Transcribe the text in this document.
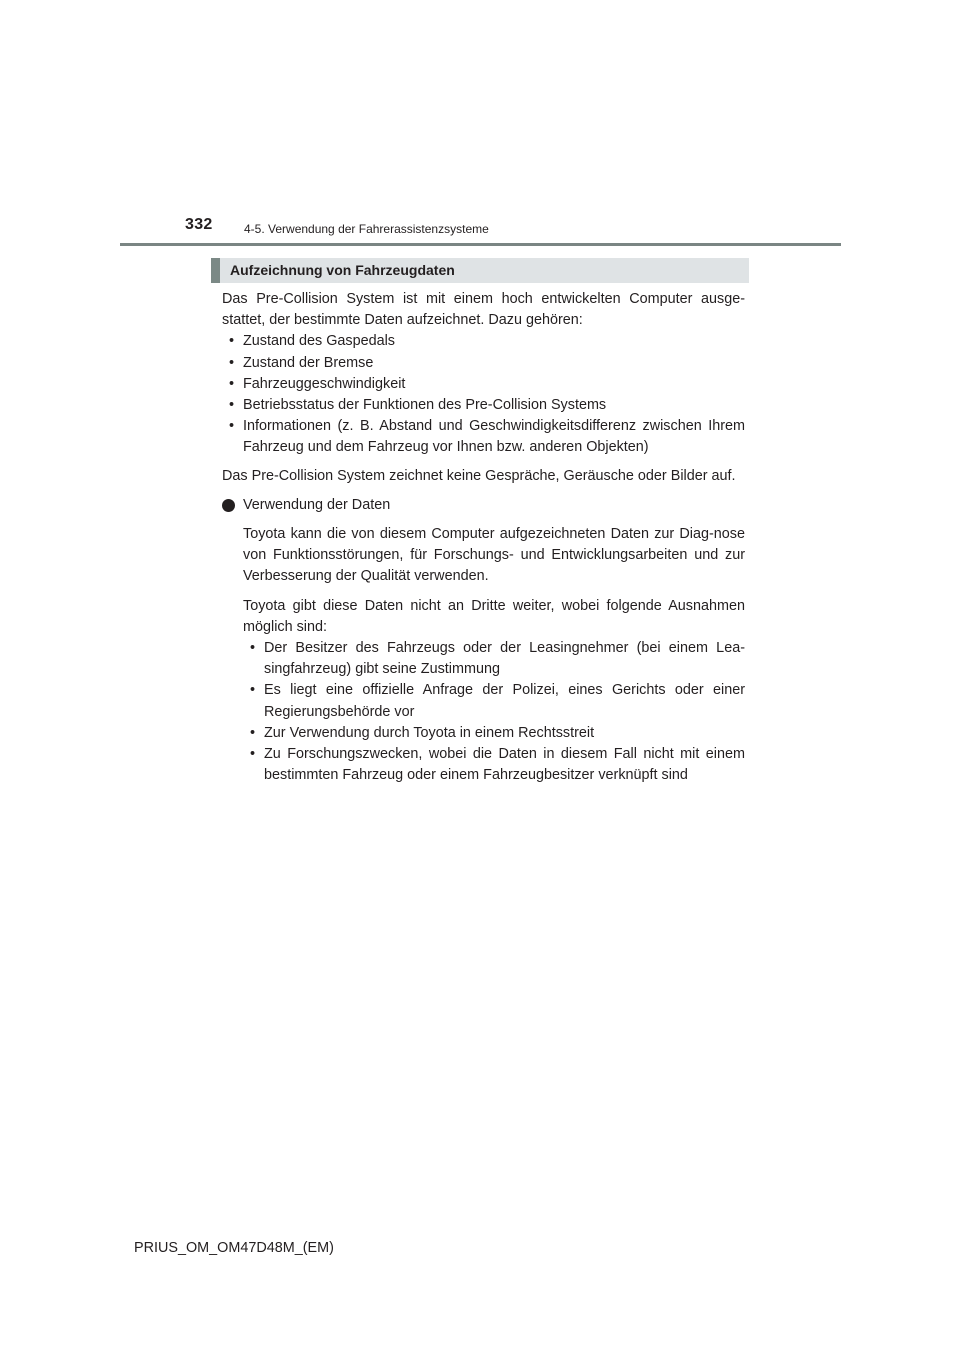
332	4-5. Verwendung der Fahrerassistenzsysteme
Aufzeichnung von Fahrzeugdaten

Das Pre-Collision System ist mit einem hoch entwickelten Computer ausge-stattet, der bestimmte Daten aufzeichnet. Dazu gehören:

• Zustand des Gaspedals
• Zustand der Bremse
• Fahrzeuggeschwindigkeit
• Betriebsstatus der Funktionen des Pre-Collision Systems
• Informationen (z. B. Abstand und Geschwindigkeitsdifferenz zwischen Ihrem Fahrzeug und dem Fahrzeug vor Ihnen bzw. anderen Objekten)

Das Pre-Collision System zeichnet keine Gespräche, Geräusche oder Bilder auf.

Verwendung der Daten

Toyota kann die von diesem Computer aufgezeichneten Daten zur Diag-nose von Funktionsstörungen, für Forschungs- und Entwicklungsarbeiten und zur Verbesserung der Qualität verwenden.

Toyota gibt diese Daten nicht an Dritte weiter, wobei folgende Ausnahmen möglich sind:

• Der Besitzer des Fahrzeugs oder der Leasingnehmer (bei einem Lea-singfahrzeug) gibt seine Zustimmung
• Es liegt eine offizielle Anfrage der Polizei, eines Gerichts oder einer Regierungsbehörde vor
• Zur Verwendung durch Toyota in einem Rechtsstreit
• Zu Forschungszwecken, wobei die Daten in diesem Fall nicht mit einem bestimmten Fahrzeug oder einem Fahrzeugbesitzer verknüpft sind
PRIUS_OM_OM47D48M_(EM)
